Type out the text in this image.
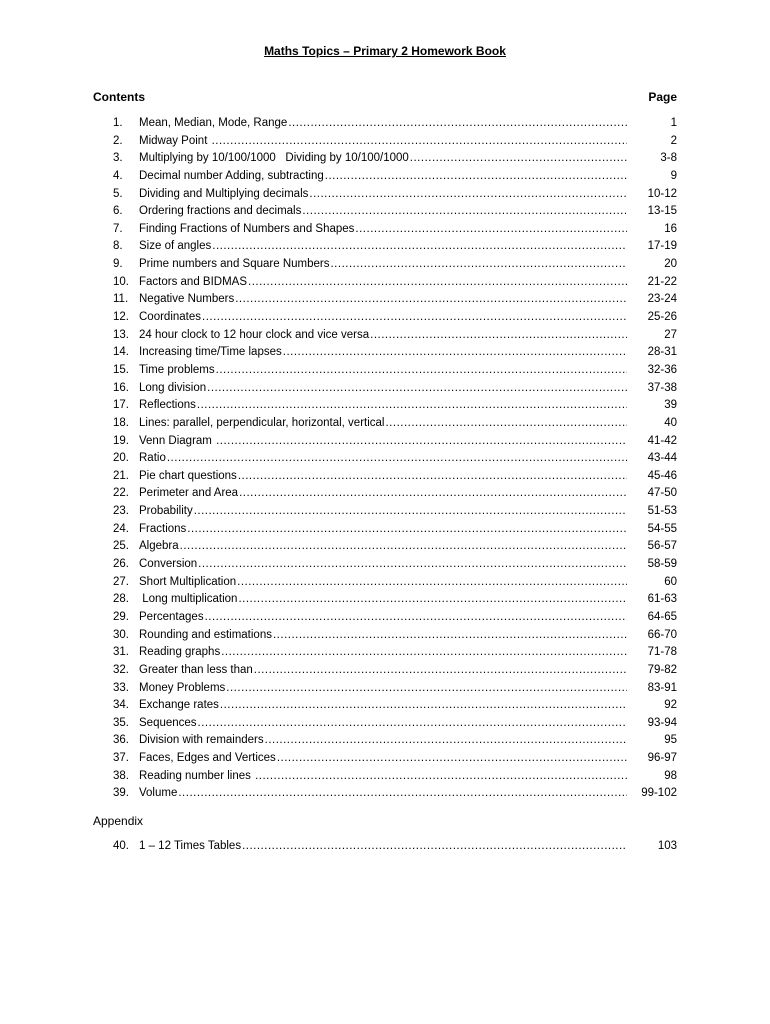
Maths Topics – Primary 2 Homework Book
Contents	Page
1.	Mean, Median, Mode, Range .....	1
2.	Midway Point .....	2
3.	Multiplying by 10/100/1000   Dividing by 10/100/1000 .....	3-8
4.	Decimal number Adding, subtracting .....	9
5.	Dividing and Multiplying decimals .....	10-12
6.	Ordering fractions and decimals .....	13-15
7.	Finding Fractions of Numbers and Shapes .....	16
8.	Size of angles .....	17-19
9.	Prime numbers and Square Numbers .....	20
10. Factors and BIDMAS .....	21-22
11. Negative Numbers .....	23-24
12. Coordinates .....	25-26
13. 24 hour clock to 12 hour clock and vice versa .....	27
14. Increasing time/Time lapses .....	28-31
15. Time problems .....	32-36
16. Long division .....	37-38
17. Reflections .....	39
18. Lines: parallel, perpendicular, horizontal, vertical .....	40
19. Venn Diagram .....	41-42
20. Ratio .....	43-44
21. Pie chart questions .....	45-46
22. Perimeter and Area .....	47-50
23. Probability .....	51-53
24. Fractions .....	54-55
25. Algebra .....	56-57
26. Conversion .....	58-59
27. Short Multiplication .....	60
28. Long multiplication .....	61-63
29. Percentages .....	64-65
30. Rounding and estimations .....	66-70
31. Reading graphs .....	71-78
32. Greater than less than .....	79-82
33. Money Problems .....	83-91
34. Exchange rates .....	92
35. Sequences .....	93-94
36. Division with remainders .....	95
37. Faces, Edges and Vertices .....	96-97
38. Reading number lines .....	98
39. Volume .....	99-102
Appendix
40. 1 – 12 Times Tables .....	103
